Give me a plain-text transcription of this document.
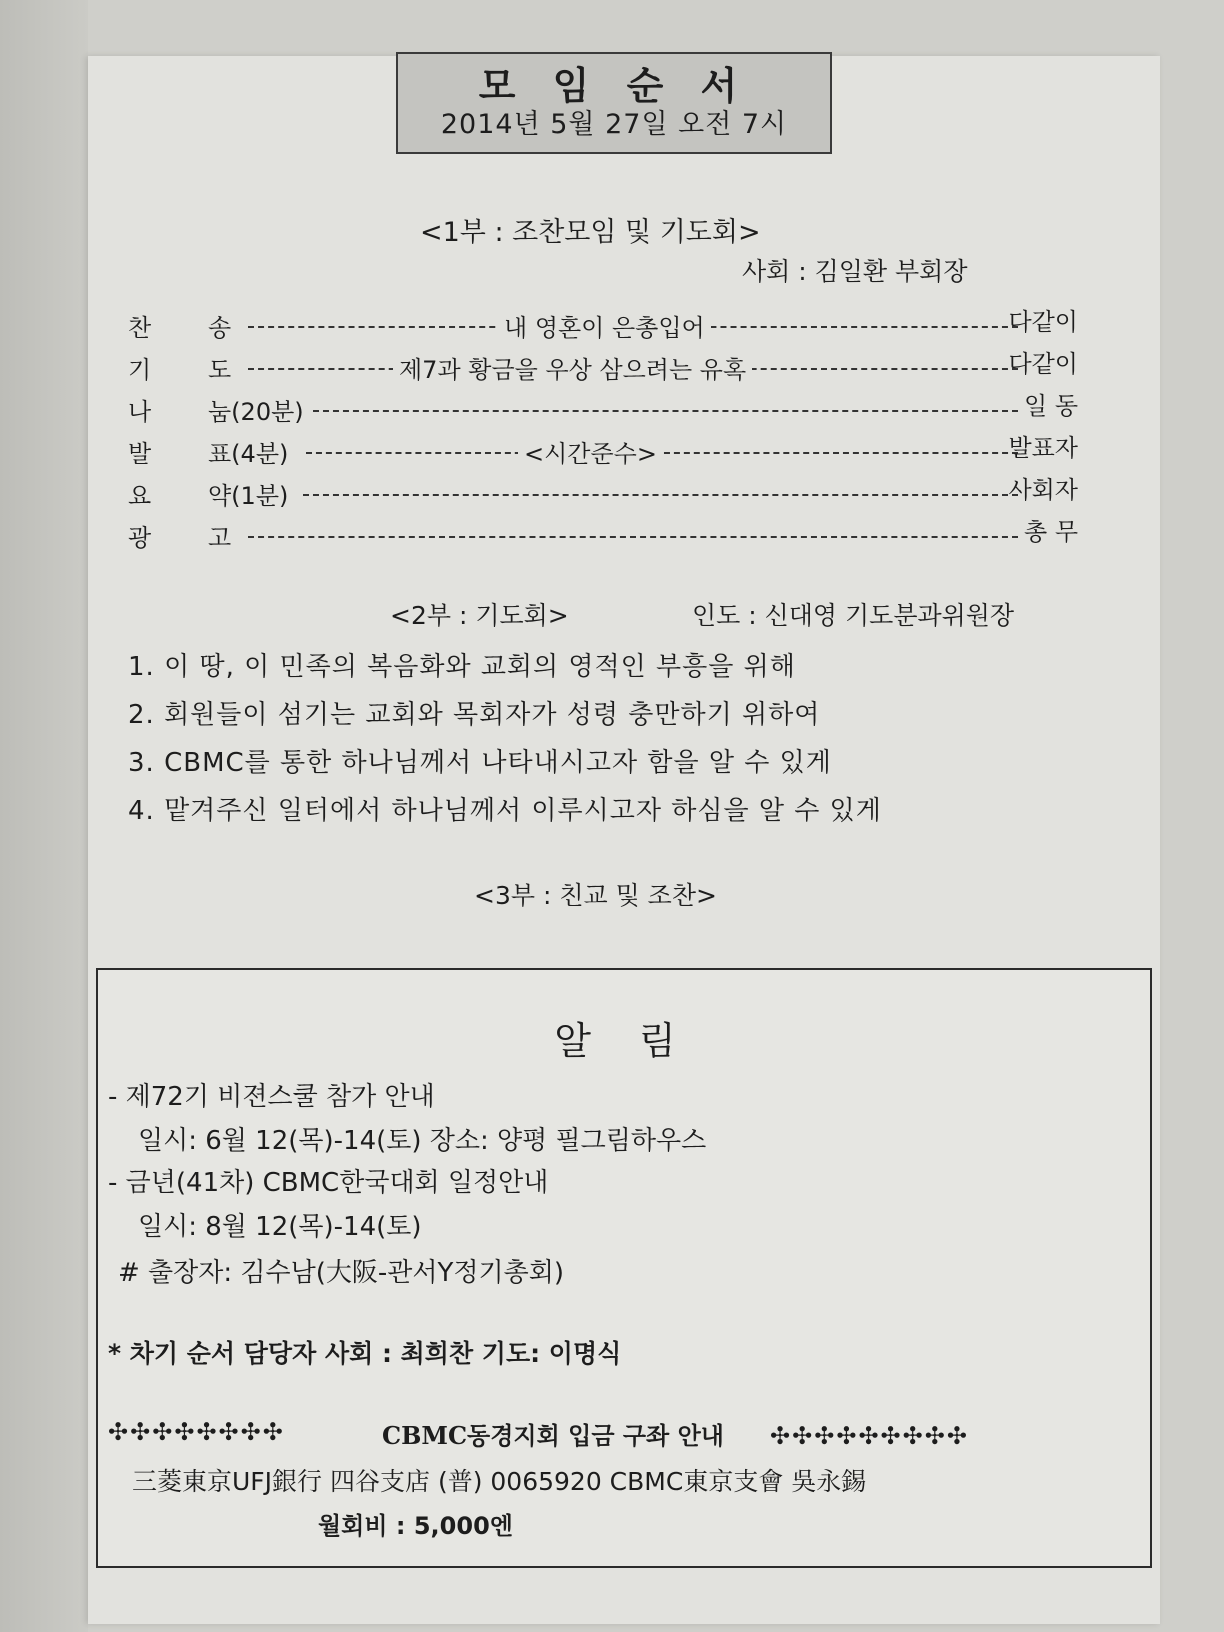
모 임 순 서
2014년 5월 27일 오전 7시
<1부 : 조찬모임 및 기도회>
사회 : 김일환 부회장
찬 송	내 영혼이 은총입어	다같이
기 도	제7과 황금을 우상 삼으려는 유혹	다같이
나 눔(20분)	일 동
발 표(4분)	<시간준수>	발표자
요 약(1분)	사회자
광 고	총 무
<2부 : 기도회>	인도 : 신대영 기도분과위원장
1. 이 땅, 이 민족의 복음화와 교회의 영적인 부흥을 위해
2. 회원들이 섬기는 교회와 목회자가 성령 충만하기 위하여
3. CBMC를 통한 하나님께서 나타내시고자 함을 알 수 있게
4. 맡겨주신 일터에서 하나님께서 이루시고자 하심을 알 수 있게
<3부 : 친교 및 조찬>
알 림
- 제72기 비젼스쿨 참가 안내
일시: 6월 12(목)-14(토) 장소: 양평 필그림하우스
- 금년(41차) CBMC한국대회 일정안내
일시: 8월 12(목)-14(토)
# 출장자: 김수남(大阪-관서Y정기총회)
* 차기 순서 담당자 사회 : 최희찬 기도: 이명식
✣✣✣✣✣✣✣✣	CBMC동경지회 입금 구좌 안내 ✣✣✣✣✣✣✣✣✣
三菱東京UFJ銀行 四谷支店 (普) 0065920 CBMC東京支會 吳永錫
월회비 : 5,000엔
